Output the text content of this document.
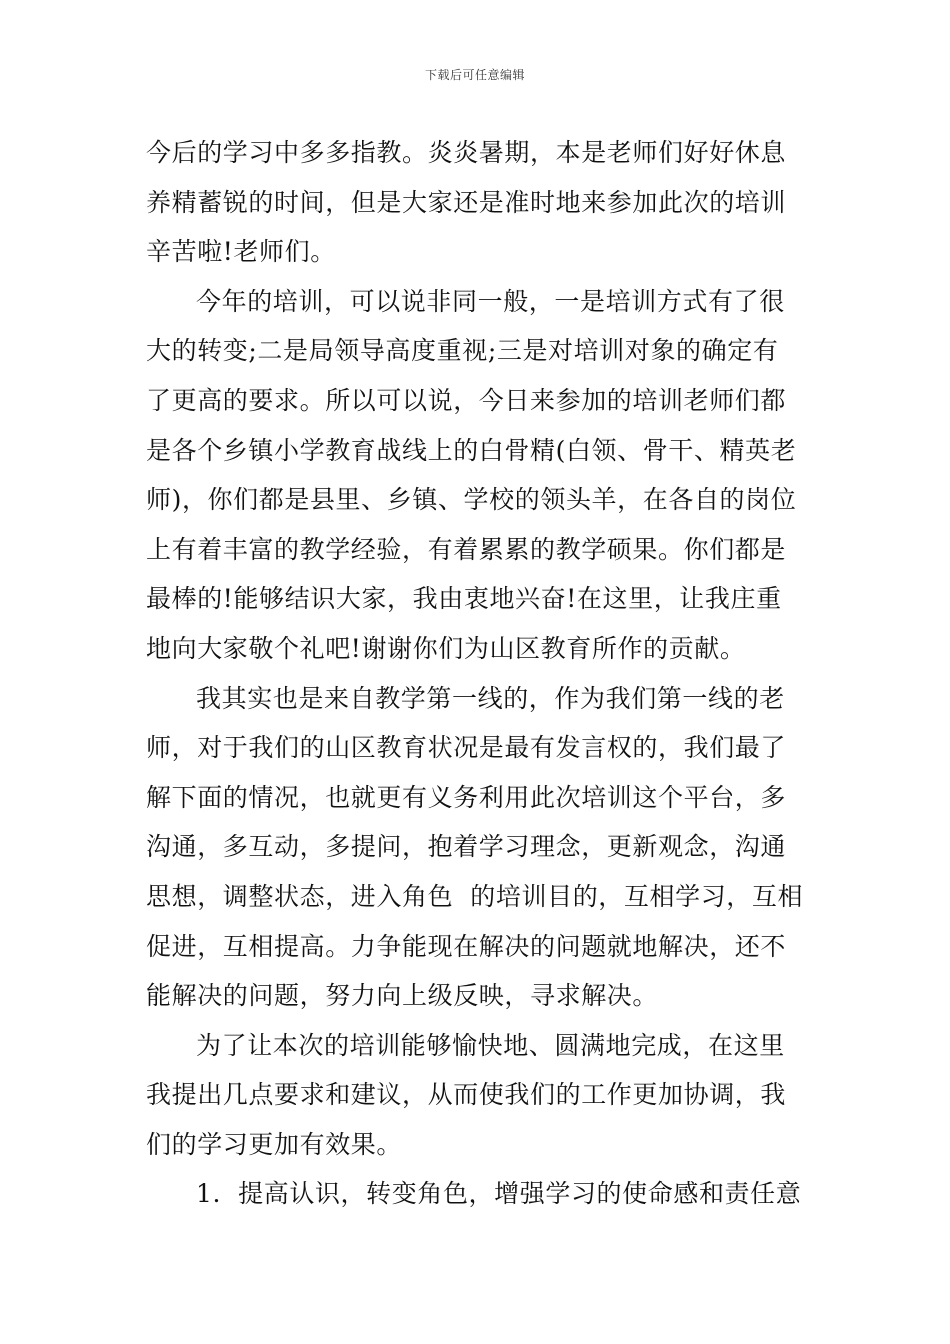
下载后可任意编辑
今后的学习中多多指教。炎炎暑期，本是老师们好好休息
养精蓄锐的时间，但是大家还是准时地来参加此次的培训
辛苦啦!老师们。
今年的培训，可以说非同一般，一是培训方式有了很
大的转变;二是局领导高度重视;三是对培训对象的确定有
了更高的要求。所以可以说，今日来参加的培训老师们都
是各个乡镇小学教育战线上的白骨精(白领、骨干、精英老
师)，你们都是县里、乡镇、学校的领头羊，在各自的岗位
上有着丰富的教学经验，有着累累的教学硕果。你们都是
最棒的!能够结识大家，我由衷地兴奋!在这里，让我庄重
地向大家敬个礼吧!谢谢你们为山区教育所作的贡献。
我其实也是来自教学第一线的，作为我们第一线的老
师，对于我们的山区教育状况是最有发言权的，我们最了
解下面的情况，也就更有义务利用此次培训这个平台，多
沟通，多互动，多提问，抱着学习理念，更新观念，沟通
思想，调整状态，进入角色  的培训目的，互相学习，互相
促进，互相提高。力争能现在解决的问题就地解决，还不
能解决的问题，努力向上级反映，寻求解决。
为了让本次的培训能够愉快地、圆满地完成，在这里
我提出几点要求和建议，从而使我们的工作更加协调，我
们的学习更加有效果。
1.  提高认识，转变角色，增强学习的使命感和责任意
